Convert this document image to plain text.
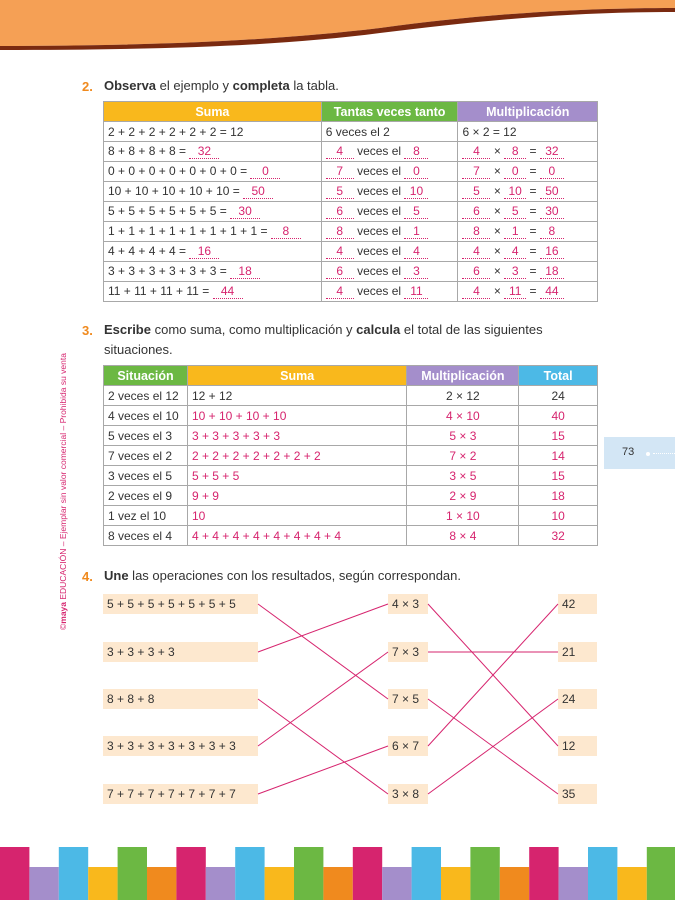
©maya EDUCACIÓN – Ejemplar sin valor comercial – Prohibida su venta	73
2. Observa el ejemplo y completa la tabla.
Suma	Tantas veces tanto	Multiplicación
2 + 2 + 2 + 2 + 2 + 2 = 12	6 veces el 2	6 × 2 = 12
8 + 8 + 8 + 8 = 32	4 veces el 8	4 × 8 = 32
0 + 0 + 0 + 0 + 0 + 0 + 0 = 0	7 veces el 0	7 × 0 = 0
10 + 10 + 10 + 10 + 10 = 50	5 veces el 10	5 × 10 = 50
5 + 5 + 5 + 5 + 5 + 5 = 30	6 veces el 5	6 × 5 = 30
1 + 1 + 1 + 1 + 1 + 1 + 1 + 1 = 8	8 veces el 1	8 × 1 = 8
4 + 4 + 4 + 4 = 16	4 veces el 4	4 × 4 = 16
3 + 3 + 3 + 3 + 3 + 3 = 18	6 veces el 3	6 × 3 = 18
11 + 11 + 11 + 11 = 44	4 veces el 11	4 × 11 = 44
3. Escribe como suma, como multiplicación y calcula el total de las siguientes
situaciones.
Situación	Suma	Multiplicación	Total
2 veces el 12	12 + 12	2 × 12	24
4 veces el 10	10 + 10 + 10 + 10	4 × 10	40
5 veces el 3	3 + 3 + 3 + 3 + 3	5 × 3	15
7 veces el 2	2 + 2 + 2 + 2 + 2 + 2 + 2	7 × 2	14
3 veces el 5	5 + 5 + 5	3 × 5	15
2 veces el 9	9 + 9	2 × 9	18
1 vez el 10	10	1 × 10	10
8 veces el 4	4 + 4 + 4 + 4 + 4 + 4 + 4 + 4	8 × 4	32
4. Une las operaciones con los resultados, según correspondan.
5 + 5 + 5 + 5 + 5 + 5 + 5
3 + 3 + 3 + 3
8 + 8 + 8
3 + 3 + 3 + 3 + 3 + 3 + 3
7 + 7 + 7 + 7 + 7 + 7 + 7
4 × 3
7 × 3
7 × 5
6 × 7
3 × 8
42
21
24
12
35
